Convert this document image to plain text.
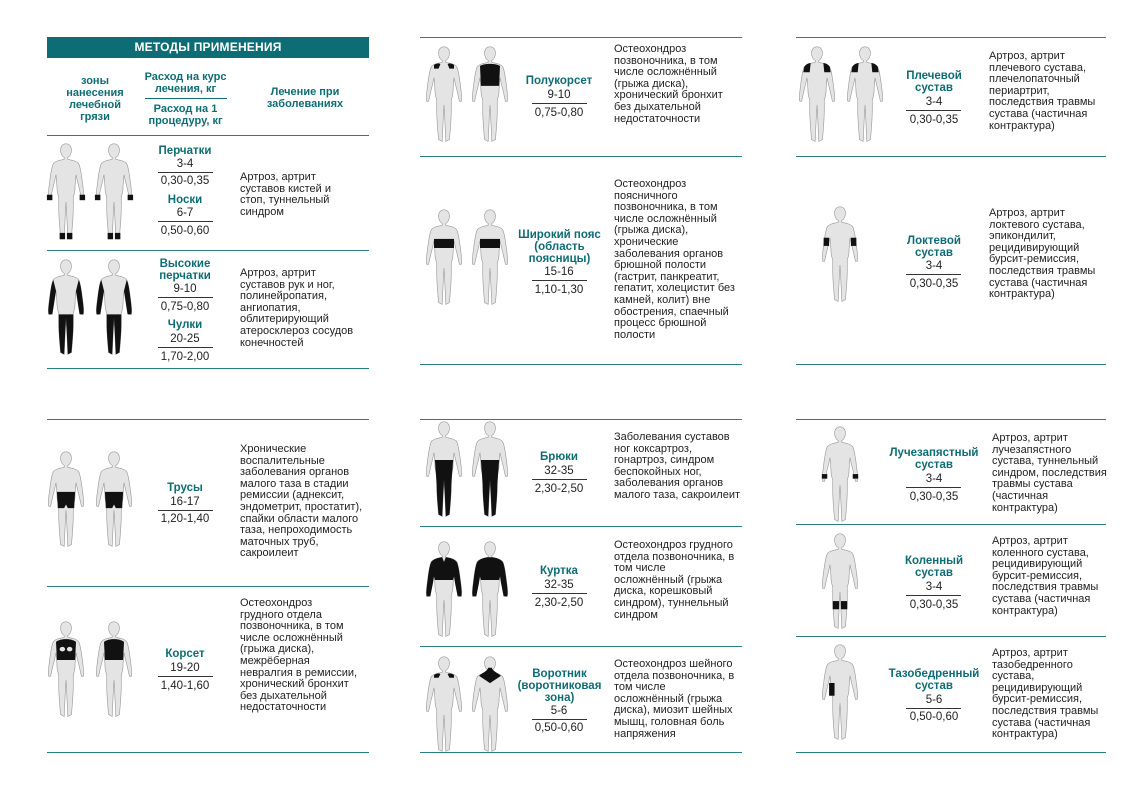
МЕТОДЫ ПРИМЕНЕНИЯ
зоны нанесения лечебной грязи
Расход на курс лечения, кг
Расход на 1 процедуру, кг
Лечение при заболеваниях
Перчатки
3-4
0,30-0,35
Носки
6-7
0,50-0,60
Артроз, артрит суставов кистей и стоп, туннельный синдром
Высокие перчатки
9-10
0,75-0,80
Чулки
20-25
1,70-2,00
Артроз, артрит суставов рук и ног, полинейропатия, ангиопатия, облитерирующий атеросклероз сосудов конечностей
Трусы
16-17
1,20-1,40
Хронические воспалительные заболевания органов малого таза в стадии ремиссии (аднексит, эндометрит, простатит), спайки области малого таза, непроходимость маточных труб, сакроилеит
Корсет
19-20
1,40-1,60
Остеохондроз грудного отдела позвоночника, в том числе осложнённый (грыжа диска), межрёберная невралгия в ремиссии, хронический бронхит без дыхательной недостаточности
Полукорсет
9-10
0,75-0,80
Остеохондроз позвоночника, в том числе осложнённый (грыжа диска), хронический бронхит без дыхательной недостаточности
Широкий пояс (область поясницы)
15-16
1,10-1,30
Остеохондроз поясничного позвоночника, в том числе осложнённый (грыжа диска), хронические заболевания органов брюшной полости (гастрит, панкреатит, гепатит, холецистит без камней, колит) вне обострения, спаечный процесс брюшной полости
Брюки
32-35
2,30-2,50
Заболевания суставов ног коксартроз, гонартроз, синдром беспокойных ног, заболевания органов малого таза, сакроилеит
Куртка
32-35
2,30-2,50
Остеохондроз грудного отдела позвоночника, в том числе осложнённый (грыжа диска, корешковый синдром), туннельный синдром
Воротник (воротниковая зона)
5-6
0,50-0,60
Остеохондроз шейного отдела позвоночника, в том числе осложнённый (грыжа диска), миозит шейных мышц, головная боль напряжения
Плечевой сустав
3-4
0,30-0,35
Артроз, артрит плечевого сустава, плечелопаточный периартрит, последствия травмы сустава (частичная контрактура)
Локтевой сустав
3-4
0,30-0,35
Артроз, артрит локтевого сустава, эпикондилит, рецидивирующий бурсит-ремиссия, последствия травмы сустава (частичная контрактура)
Лучезапястный сустав
3-4
0,30-0,35
Артроз, артрит лучезапястного сустава, туннельный синдром, последствия травмы сустава (частичная контрактура)
Коленный сустав
3-4
0,30-0,35
Артроз, артрит коленного сустава, рецидивирующий бурсит-ремиссия, последствия травмы сустава (частичная контрактура)
Тазобедренный сустав
5-6
0,50-0,60
Артроз, артрит тазобедренного сустава, рецидивирующий бурсит-ремиссия, последствия травмы сустава (частичная контрактура)
